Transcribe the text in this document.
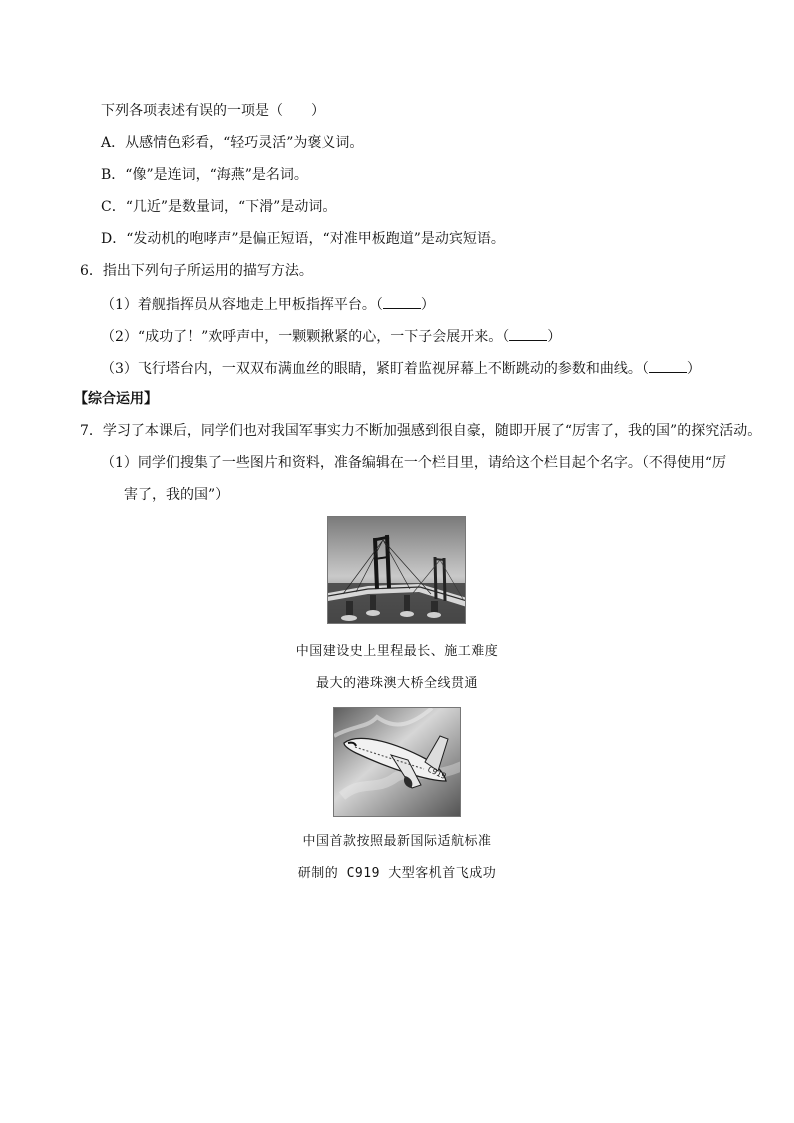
下列各项表述有误的一项是（　　）
A．从感情色彩看，“轻巧灵活”为褒义词。
B．“像”是连词，“海燕”是名词。
C．“几近”是数量词，“下滑”是动词。
D．“发动机的咆哮声”是偏正短语，“对准甲板跑道”是动宾短语。
6．指出下列句子所运用的描写方法。
（1）着舰指挥员从容地走上甲板指挥平台。（	）
（2）“成功了！”欢呼声中，一颗颗揪紧的心，一下子会展开来。（	）
（3）飞行塔台内，一双双布满血丝的眼睛，紧盯着监视屏幕上不断跳动的参数和曲线。（	）
【综合运用】
7．学习了本课后，同学们也对我国军事实力不断加强感到很自豪，随即开展了“厉害了，我的国”的探究活动。
（1）同学们搜集了一些图片和资料，准备编辑在一个栏目里，请给这个栏目起个名字。（不得使用“厉
害了，我的国”）
中国建设史上里程最长、施工难度
最大的港珠澳大桥全线贯通
C919
中国首款按照最新国际适航标准
研制的 C919 大型客机首飞成功
